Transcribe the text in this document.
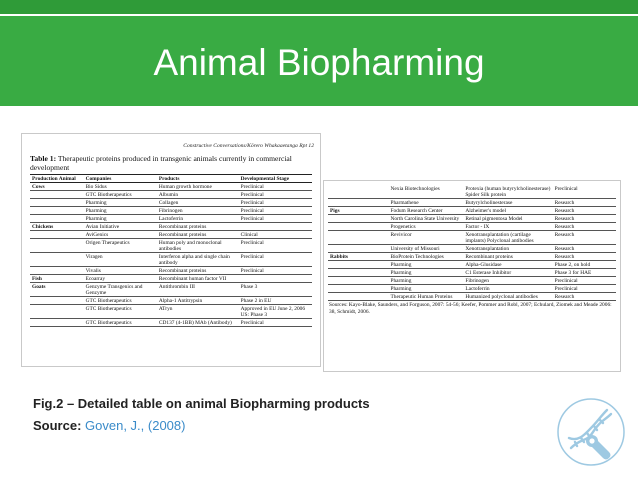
Animal Biopharming
Constructive Conversations/Kōrero Whakaaetanga Rpt 12
Table 1: Therapeutic proteins produced in transgenic animals currently in commercial development
Production Animal	Companies	Products	Developmental Stage
Cows	Bio Sidus	Human growth hormone	Preclinical
	GTC Biotherapeutics	Albumin	Preclinical
	Pharming	Collagen	Preclinical
	Pharming	Fibrinogen	Preclinical
	Pharming	Lactoferrin	Preclinical
Chickens	Avian Initiative	Recombinant proteins	
	AviGenics	Recombinant proteins	Clinical
	Origen Therapeutics	Human poly and monoclonal antibodies	Preclinical
	Viragen	Interferon alpha and single chain antibody	Preclinical
	Vivalis	Recombinant proteins	Preclinical
Fish	Ecoarray	Recombinant human factor VII	
Goats	Genzyme Transgenics and Genzyme	Antithrombin III	Phase 3
	GTC Biotherapeutics	Alpha-1 Antitrypsin	Phase 2 in EU
	GTC Biotherapeutics	ATryn	Approved in EU June 2, 2006 US: Phase 3
	GTC Biotherapeutics	CD137 (4-1BB) MAb (Antibody)	Preclinical
	Nexia Biotechnologies	Protexia (human butyrylcholinesterase) Spider Silk protein	Preclinical
	Pharmathene	Butyrylcholinesterase	Research
Pigs	Fodum Research Center	Alzheimer's model	Research
	North Carolina State University	Retinal pigmentosa Model	Research
	Progenetics	Factor - IX	Research
	Revivicor	Xenotransplantation (cartilage implants) Polyclonal antibodies	Research
	University of Missouri	Xenotransplantation	Research
Rabbits	BioProtein Technologies	Recombinant proteins	Research
	Pharming	Alpha-Glusidase	Phase 2, on hold
	Pharming	C1 Esterase Inhibitor	Phase 3 for HAE
	Pharming	Fibrinogen	Preclinical
	Pharming	Lactoferrin	Preclinical
	Therapeutic Human Proteins	Humanized polyclonal antibodies	Research
Sources: Kayo-Blake, Saunders, and Forguson, 2007: 54-56; Keefer, Pommer and Robl, 2007; Echulard, Ziomek and Meade 2006: 38, Schmidt, 2006.
Fig.2 – Detailed table on animal Biopharming products
Source: Goven, J., (2008)
